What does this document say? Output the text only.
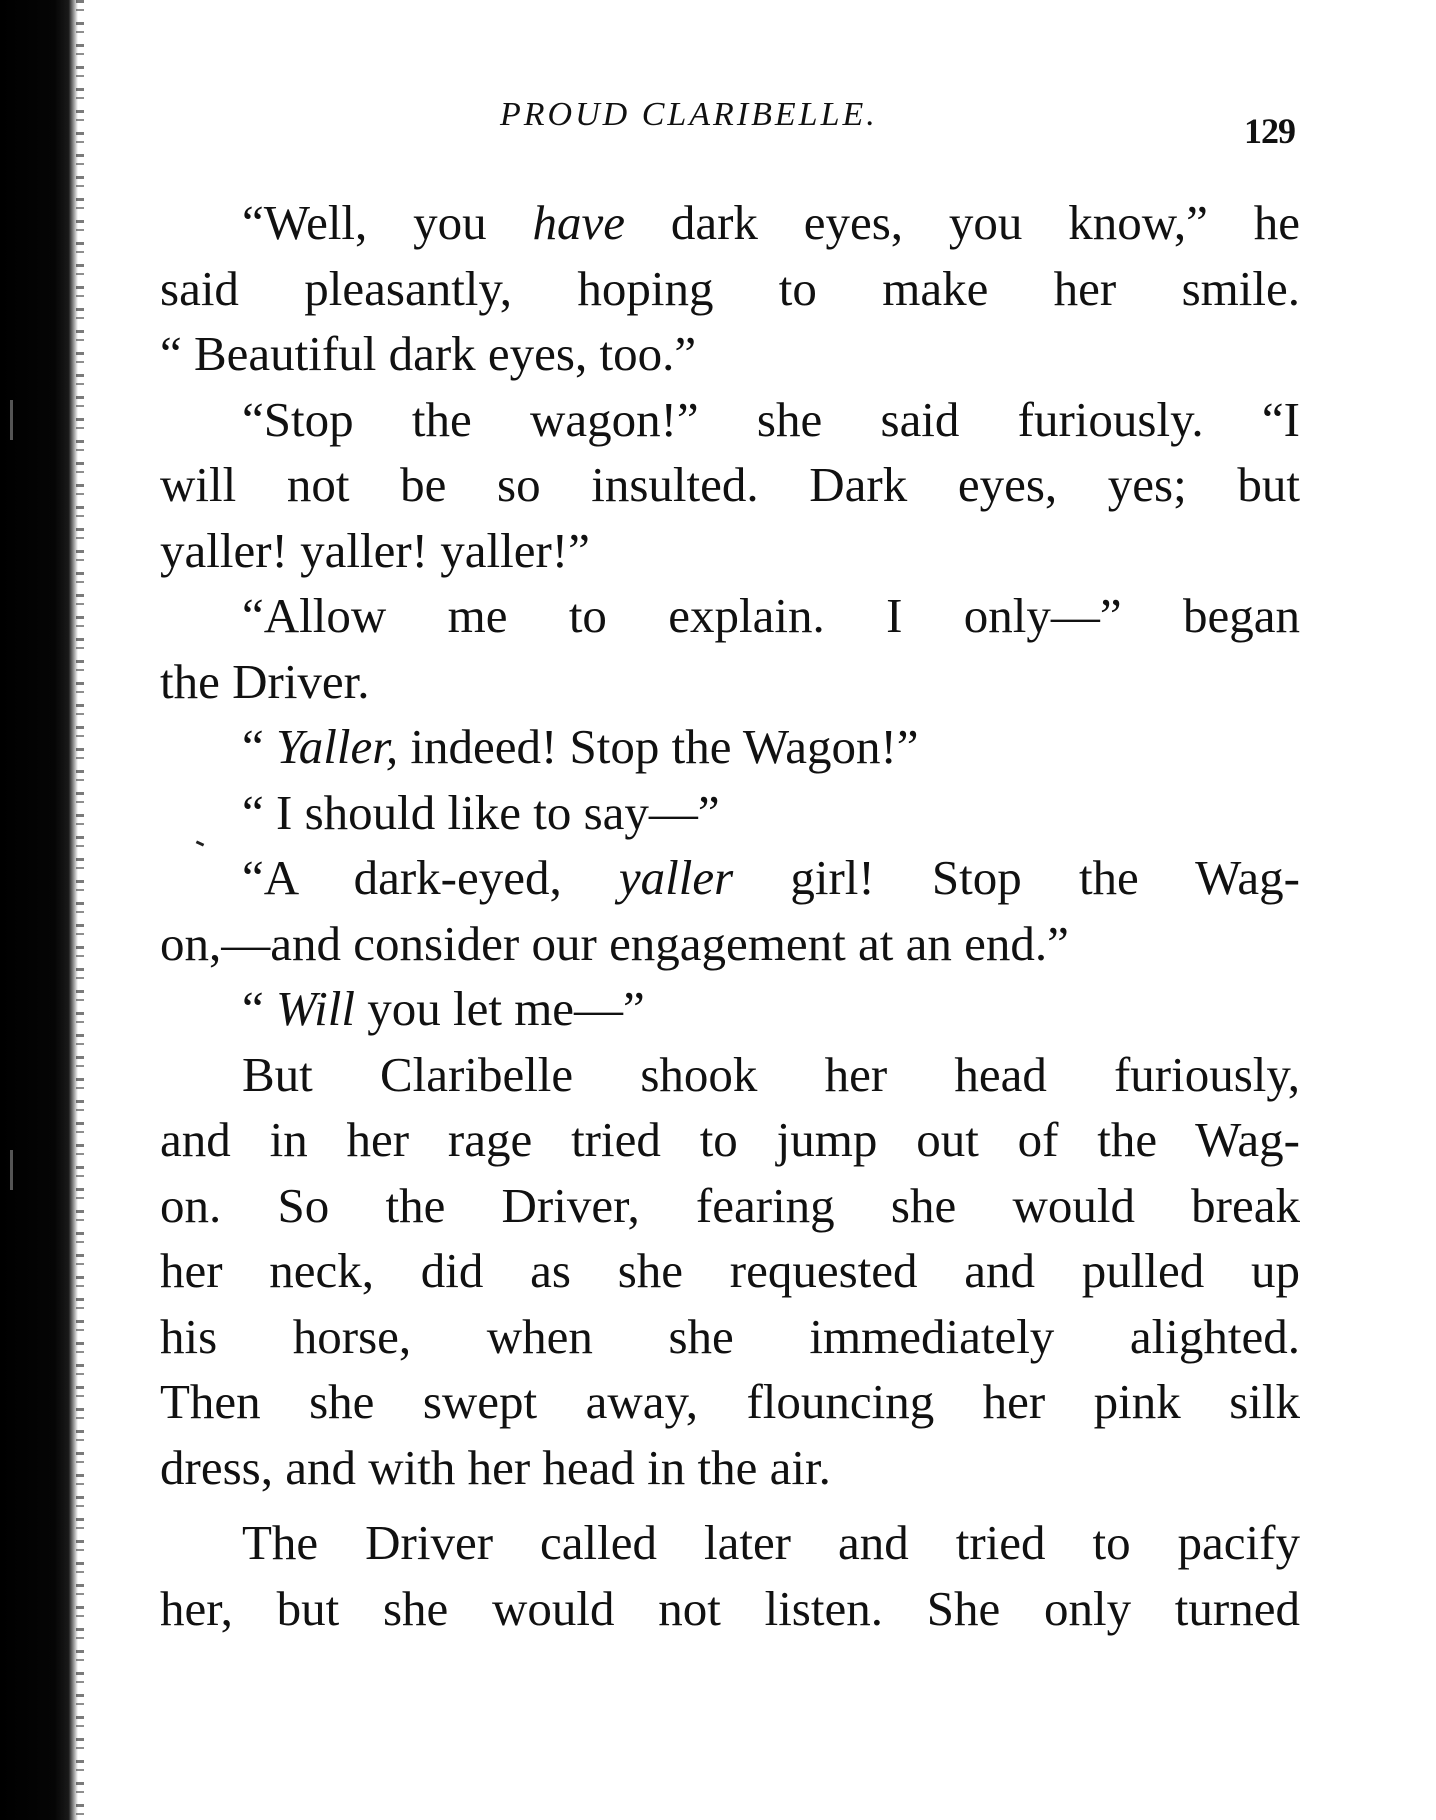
PROUD CLARIBELLE.	129
“Well, you have dark eyes, you know,” he
said pleasantly, hoping to make her smile.
“ Beautiful dark eyes, too.”
“Stop the wagon!” she said furiously. “I
will not be so insulted. Dark eyes, yes; but
yaller! yaller! yaller!”
“Allow me to explain. I only—” began
the Driver.
“ Yaller, indeed! Stop the Wagon!”
“ I should like to say—”
“A dark-eyed, yaller girl! Stop the Wag-
on,—and consider our engagement at an end.”
“ Will you let me—”
But Claribelle shook her head furiously,
and in her rage tried to jump out of the Wag-
on. So the Driver, fearing she would break
her neck, did as she requested and pulled up
his horse, when she immediately alighted.
Then she swept away, flouncing her pink silk
dress, and with her head in the air.
The Driver called later and tried to pacify
her, but she would not listen. She only turned
